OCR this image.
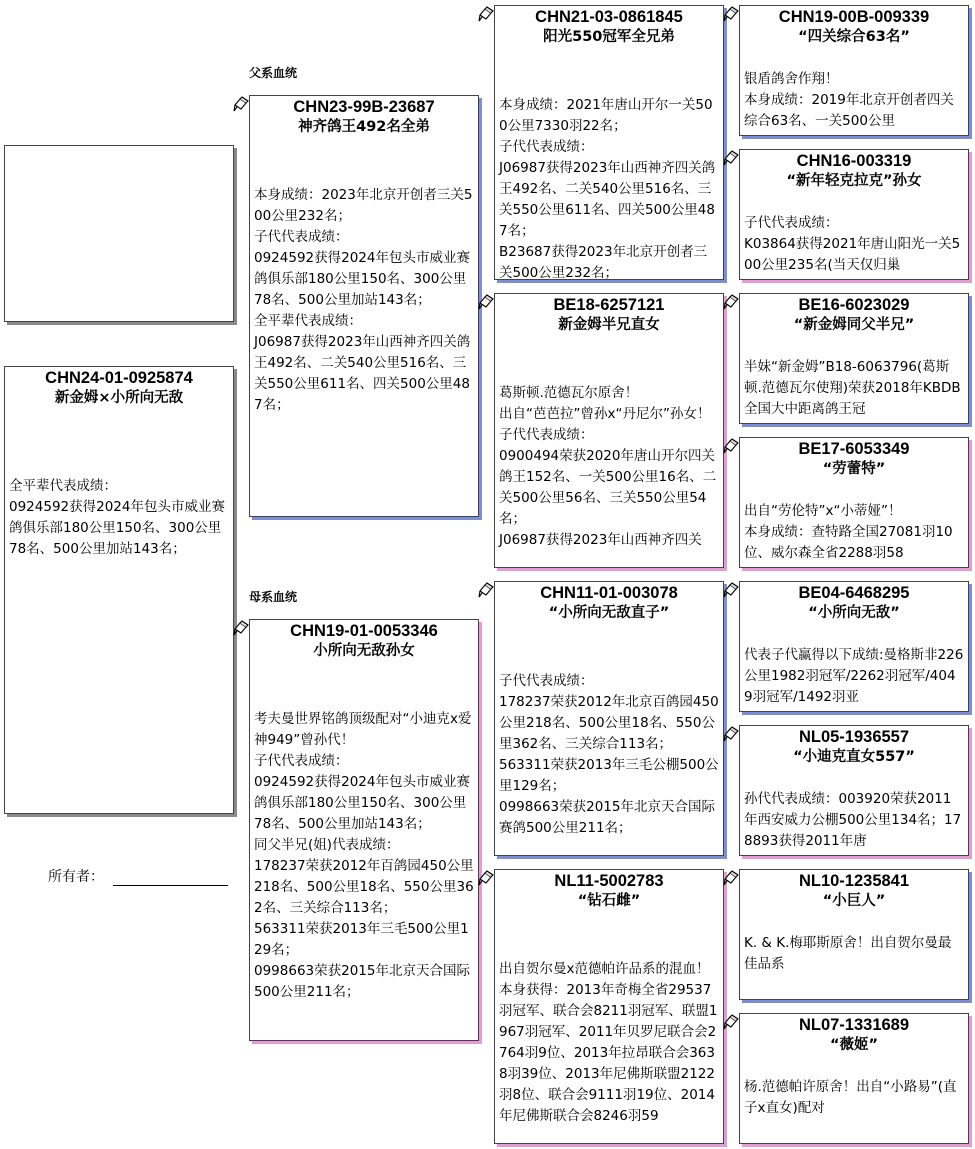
父系血统
母系血统
CHN24-01-0925874
新金姆×小所向无敌
全平辈代表成绩：
0924592获得2024年包头市威业赛鸽俱乐部180公里150名、300公里78名、500公里加站143名；
所有者：
CHN23-99B-23687
神齐鸽王492名全弟
本身成绩：2023年北京开创者三关500公里232名；
子代代表成绩：
0924592获得2024年包头市威业赛鸽俱乐部180公里150名、300公里78名、500公里加站143名；
全平辈代表成绩：
J06987获得2023年山西神齐四关鸽王492名、二关540公里516名、三关550公里611名、四关500公里487名；
CHN19-01-0053346
小所向无敌孙女
考夫曼世界铭鸽顶级配对“小迪克x爱神949”曾孙代！
子代代表成绩：
0924592获得2024年包头市威业赛鸽俱乐部180公里150名、300公里78名、500公里加站143名；
同父半兄(姐)代表成绩：
178237荣获2012年百鸽园450公里218名、500公里18名、550公里362名、三关综合113名；
563311荣获2013年三毛500公里129名；
0998663荣获2015年北京天合国际500公里211名；
CHN21-03-0861845
阳光550冠军全兄弟
本身成绩：2021年唐山开尔一关500公里7330羽22名；
子代代表成绩：
J06987获得2023年山西神齐四关鸽王492名、二关540公里516名、三关550公里611名、四关500公里487名；
B23687获得2023年北京开创者三关500公里232名；
BE18-6257121
新金姆半兄直女
葛斯顿.范德瓦尔原舍！
出自“芭芭拉”曾孙x“丹尼尔”孙女！
子代代表成绩：
0900494荣获2020年唐山开尔四关鸽王152名、一关500公里16名、二关500公里56名、三关550公里54名；
J06987获得2023年山西神齐四关
CHN11-01-003078
“小所向无敌直子”
子代代表成绩：
178237荣获2012年北京百鸽园450公里218名、500公里18名、550公里362名、三关综合113名；
563311荣获2013年三毛公棚500公里129名；
0998663荣获2015年北京天合国际赛鸽500公里211名；
NL11-5002783
“钻石雌”
出自贺尔曼x范德帕许品系的混血！本身获得：2013年奇梅全省29537羽冠军、联合会8211羽冠军、联盟1967羽冠军、2011年贝罗尼联合会2764羽9位、2013年拉昂联合会3638羽39位、2013年尼佛斯联盟2122羽8位、联合会9111羽19位、2014年尼佛斯联合会8246羽59
CHN19-00B-009339
“四关综合63名”
银盾鸽舍作翔！
本身成绩：2019年北京开创者四关综合63名、一关500公里
CHN16-003319
“新年轻克拉克”孙女
子代代表成绩：
K03864获得2021年唐山阳光一关500公里235名(当天仅归巢
BE16-6023029
“新金姆同父半兄”
半妹“新金姆”B18-6063796(葛斯顿.范德瓦尔使翔)荣获2018年KBDB全国大中距离鸽王冠
BE17-6053349
“劳蕾特”
出自“劳伦特”x“小蒂娅”！
本身成绩：查特路全国27081羽10位、威尔森全省2288羽58
BE04-6468295
“小所向无敌”
代表子代赢得以下成绩:曼格斯非226公里1982羽冠军/2262羽冠军/4049羽冠军/1492羽亚
NL05-1936557
“小迪克直女557”
孙代代表成绩：003920荣获2011年西安威力公棚500公里134名；178893获得2011年唐
NL10-1235841
“小巨人”
K. & K.梅耶斯原舍！出自贺尔曼最佳品系
NL07-1331689
“薇姬”
杨.范德帕许原舍！出自“小路易”(直子x直女)配对
